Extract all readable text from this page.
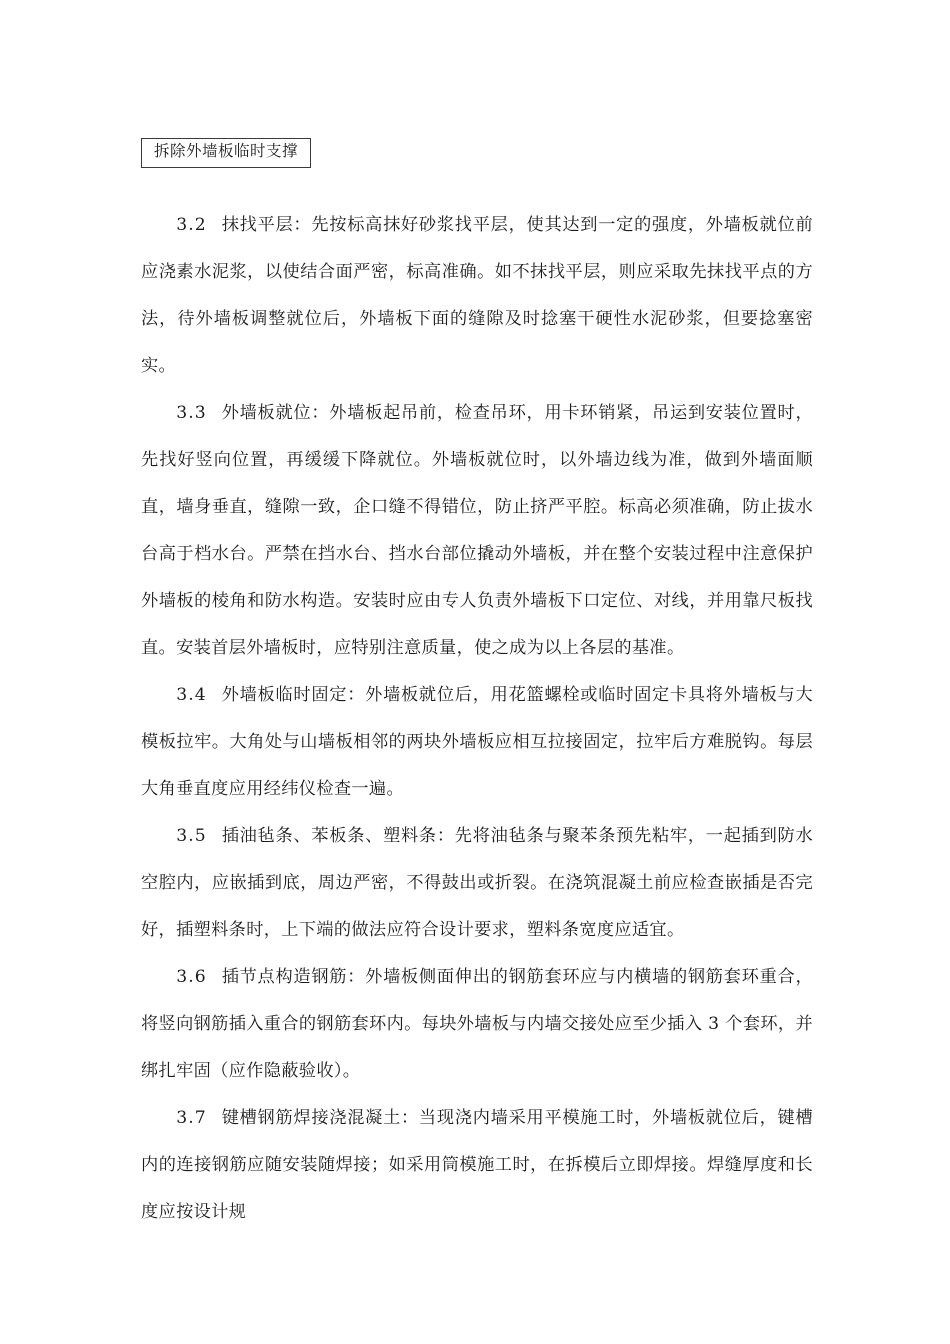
拆除外墙板临时支撑

3.2 抹找平层：先按标高抹好砂浆找平层，使其达到一定的强度，外墙板就位前应浇素水泥浆，以使结合面严密，标高准确。如不抹找平层，则应采取先抹找平点的方法，待外墙板调整就位后，外墙板下面的缝隙及时捻塞干硬性水泥砂浆，但要捻塞密实。

3.3 外墙板就位：外墙板起吊前，检查吊环，用卡环销紧，吊运到安装位置时，先找好竖向位置，再缓缓下降就位。外墙板就位时，以外墙边线为准，做到外墙面顺直，墙身垂直，缝隙一致，企口缝不得错位，防止挤严平腔。标高必须准确，防止拔水台高于档水台。严禁在挡水台、挡水台部位撬动外墙板，并在整个安装过程中注意保护外墙板的棱角和防水构造。安装时应由专人负责外墙板下口定位、对线，并用靠尺板找直。安装首层外墙板时，应特别注意质量，使之成为以上各层的基准。

3.4 外墙板临时固定：外墙板就位后，用花篮螺栓或临时固定卡具将外墙板与大模板拉牢。大角处与山墙板相邻的两块外墙板应相互拉接固定，拉牢后方难脱钩。每层大角垂直度应用经纬仪检查一遍。

3.5 插油毡条、苯板条、塑料条：先将油毡条与聚苯条预先粘牢，一起插到防水空腔内，应嵌插到底，周边严密，不得鼓出或折裂。在浇筑混凝土前应检查嵌插是否完好，插塑料条时，上下端的做法应符合设计要求，塑料条宽度应适宜。

3.6 插节点构造钢筋：外墙板侧面伸出的钢筋套环应与内横墙的钢筋套环重合，将竖向钢筋插入重合的钢筋套环内。每块外墙板与内墙交接处应至少插入 3 个套环，并绑扎牢固（应作隐蔽验收）。

3.7 键槽钢筋焊接浇混凝土：当现浇内墙采用平模施工时，外墙板就位后，键槽内的连接钢筋应随安装随焊接；如采用筒模施工时，在拆模后立即焊接。焊缝厚度和长度应按设计规
